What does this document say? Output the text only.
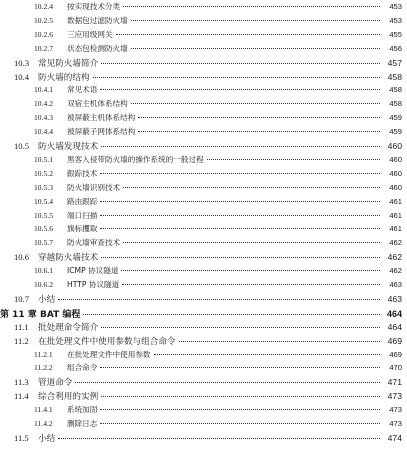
10.2.4	按实现技术分类	453
10.2.5	数据包过滤防火墙	453
10.2.6	三应用级网关	455
10.2.7	状态包检测防火墙	456
10.3	常见防火墙简介	457
10.4	防火墙的结构	458
10.4.1	常见术语	458
10.4.2	双宿主机体系结构	458
10.4.3	被屏蔽主机体系结构	459
10.4.4	被屏蔽子网体系结构	459
10.5	防火墙发现技术	460
10.5.1	黑客入侵带防火墙的操作系统的一般过程	460
10.5.2	跟踪技术	460
10.5.3	防火墙识别技术	460
10.5.4	路由跟踪	461
10.5.5	端口扫描	461
10.5.6	旗标攫取	461
10.5.7	防火墙审查技术	462
10.6	穿越防火墙技术	462
10.6.1	ICMP 协议隧道	462
10.6.2	HTTP 协议隧道	463
10.7	小结	463
第 11 章 BAT 编程	464
11.1	批处理命令简介	464
11.2	在批处理文件中使用参数与组合命令	469
11.2.1	在批处理文件中使用参数	469
11.2.2	组合命令	470
11.3	管道命令	471
11.4	综合利用的实例	473
11.4.1	系统加固	473
11.4.2	删除日志	473
11.5	小结	474
